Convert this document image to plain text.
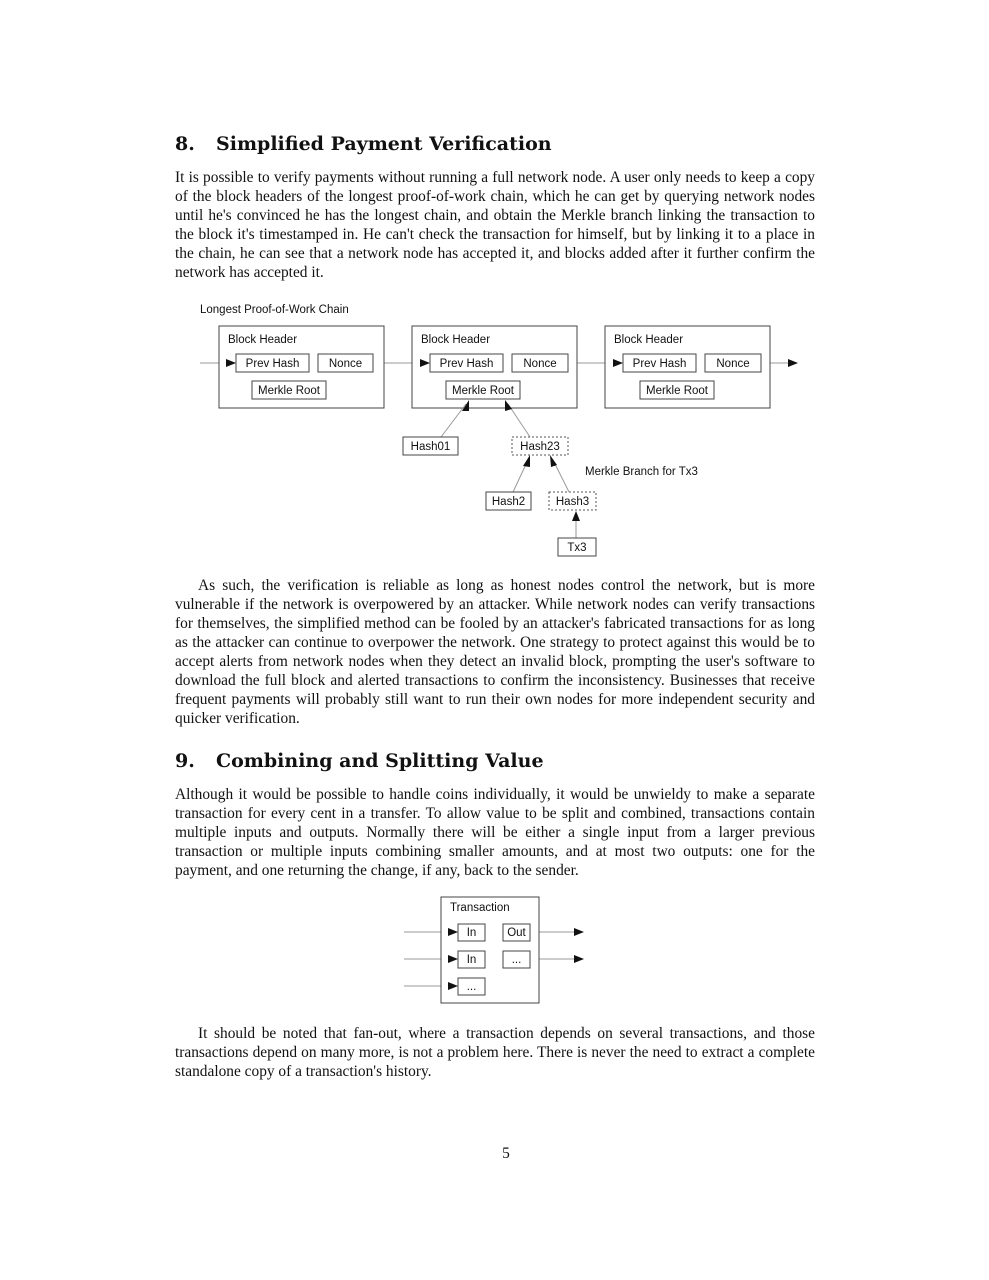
8. Simplified Payment Verification

It is possible to verify payments without running a full network node. A user only needs to keep a copy of the block headers of the longest proof-of-work chain, which he can get by querying network nodes until he's convinced he has the longest chain, and obtain the Merkle branch linking the transaction to the block it's timestamped in. He can't check the transaction for himself, but by linking it to a place in the chain, he can see that a network node has accepted it, and blocks added after it further confirm the network has accepted it.

Longest Proof-of-Work Chain
Block Header
Prev Hash	Nonce
Merkle Root
Block Header
Prev Hash	Nonce
Merkle Root
Block Header
Prev Hash	Nonce
Merkle Root
Hash01	Hash23
Merkle Branch for Tx3
Hash2	Hash3
Tx3
Transaction
In
In
...
Out
...

As such, the verification is reliable as long as honest nodes control the network, but is more vulnerable if the network is overpowered by an attacker. While network nodes can verify transactions for themselves, the simplified method can be fooled by an attacker's fabricated transactions for as long as the attacker can continue to overpower the network. One strategy to protect against this would be to accept alerts from network nodes when they detect an invalid block, prompting the user's software to download the full block and alerted transactions to confirm the inconsistency. Businesses that receive frequent payments will probably still want to run their own nodes for more independent security and quicker verification.

9. Combining and Splitting Value

Although it would be possible to handle coins individually, it would be unwieldy to make a separate transaction for every cent in a transfer. To allow value to be split and combined, transactions contain multiple inputs and outputs. Normally there will be either a single input from a larger previous transaction or multiple inputs combining smaller amounts, and at most two outputs: one for the payment, and one returning the change, if any, back to the sender.

It should be noted that fan-out, where a transaction depends on several transactions, and those transactions depend on many more, is not a problem here. There is never the need to extract a complete standalone copy of a transaction's history.

5
